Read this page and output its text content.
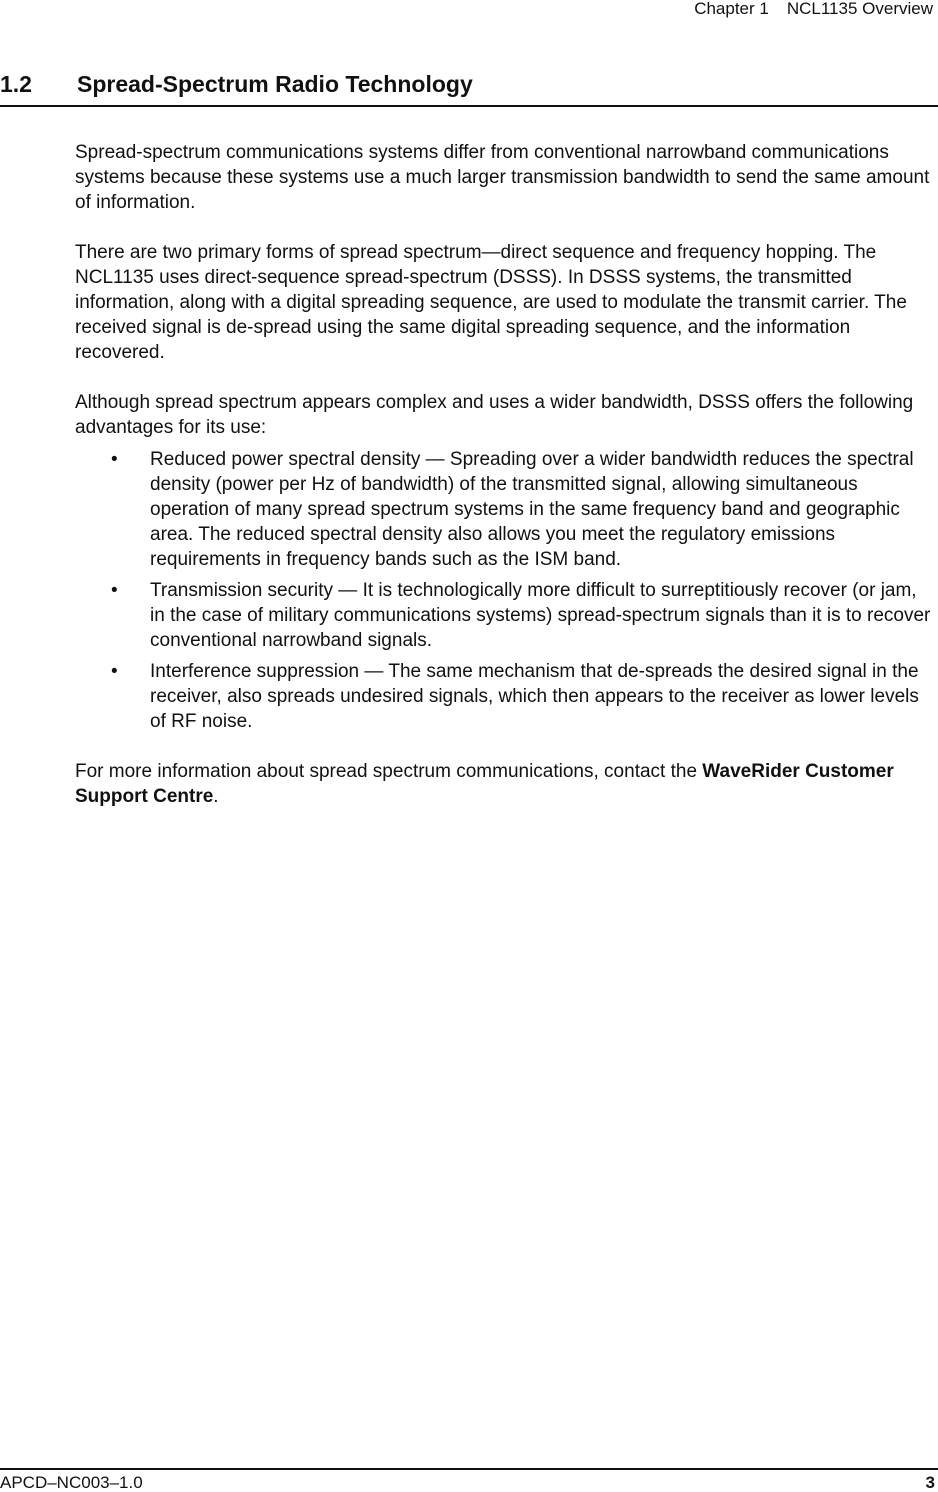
Chapter 1 NCL1135 Overview
1.2 Spread-Spectrum Radio Technology

Spread-spectrum communications systems differ from conventional narrowband communications systems because these systems use a much larger transmission bandwidth to send the same amount of information.

There are two primary forms of spread spectrum—direct sequence and frequency hopping. The NCL1135 uses direct-sequence spread-spectrum (DSSS). In DSSS systems, the transmitted information, along with a digital spreading sequence, are used to modulate the transmit carrier. The received signal is de-spread using the same digital spreading sequence, and the information recovered.

Although spread spectrum appears complex and uses a wider bandwidth, DSSS offers the following advantages for its use:

• Reduced power spectral density — Spreading over a wider bandwidth reduces the spectral density (power per Hz of bandwidth) of the transmitted signal, allowing simultaneous operation of many spread spectrum systems in the same frequency band and geographic area. The reduced spectral density also allows you meet the regulatory emissions requirements in frequency bands such as the ISM band.
• Transmission security — It is technologically more difficult to surreptitiously recover (or jam, in the case of military communications systems) spread-spectrum signals than it is to recover conventional narrowband signals.
• Interference suppression — The same mechanism that de-spreads the desired signal in the receiver, also spreads undesired signals, which then appears to the receiver as lower levels of RF noise.

For more information about spread spectrum communications, contact the WaveRider Customer Support Centre.

APCD–NC003–1.0	3
